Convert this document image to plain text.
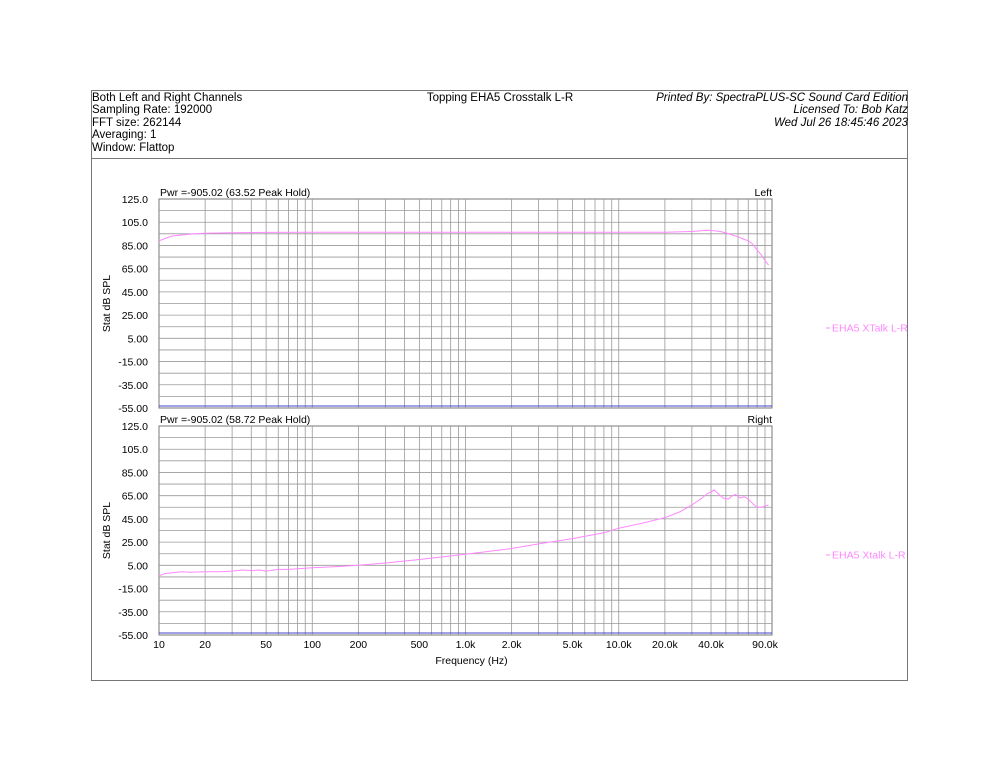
Both Left and Right Channels
Sampling Rate: 192000
FFT size: 262144
Averaging: 1
Window: Flattop
Topping EHA5 Crosstalk L-R	Printed By: SpectraPLUS-SC Sound Card Edition
Licensed To: Bob Katz
Wed Jul 26 18:45:46 2023
125.0
105.0
85.00
65.00
45.00
25.00
5.00
-15.00
-35.00
-55.00
Pwr =-905.02 (63.52 Peak Hold)	Left
Stat dB SPL	EHA5 XTalk L-R
125.0
105.0
85.00
65.00
45.00
25.00
5.00
-15.00
-35.00
-55.00
Pwr =-905.02 (58.72 Peak Hold)	Right
Stat dB SPL	EHA5 Xtalk L-R
10	20	50	100	200	500	1.0k	2.0k	5.0k 10.0k 20.0k 40.0k	90.0k
Frequency (Hz)
